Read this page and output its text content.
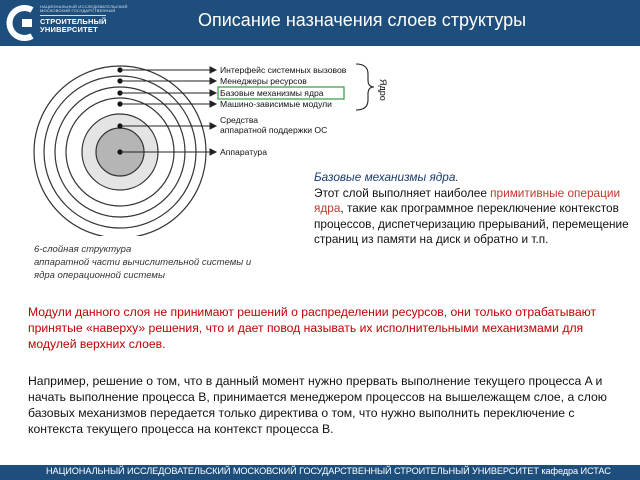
НАЦИОНАЛЬНЫЙ ИССЛЕДОВАТЕЛЬСКИЙ
МОСКОВСКИЙ ГОСУДАРСТВЕННЫЙ
СТРОИТЕЛЬНЫЙ
УНИВЕРСИТЕТ	Описание назначения слоев структуры
Интерфейс системных вызовов
Менеджеры ресурсов
Базовые механизмы ядра
Машино-зависимые модули
Средства
аппаратной поддержки ОС
Аппаратура
Ядро
6-слойная структура
аппаратной части вычислительной системы и
ядра операционной системы
Базовые механизмы ядра.
Этот слой выполняет наиболее примитивные операции ядра, такие как программное переключение контекстов процессов, диспетчеризацию прерываний, перемещение страниц из памяти на диск и обратно и т.п.
Модули данного слоя не принимают решений о распределении ресурсов, они только отрабатывают принятые «наверху» решения, что и дает повод называть их исполнительными механизмами для модулей верхних слоев.
Например, решение о том, что в данный момент нужно прервать выполнение текущего процесса A и начать выполнение процесса B, принимается менеджером процессов на вышележащем слое, а слою базовых механизмов передается только директива о том, что нужно выполнить переключение с контекста текущего процесса на контекст процесса B.
НАЦИОНАЛЬНЫЙ ИССЛЕДОВАТЕЛЬСКИЙ МОСКОВСКИЙ ГОСУДАРСТВЕННЫЙ СТРОИТЕЛЬНЫЙ УНИВЕРСИТЕТ кафедра ИСТАС
